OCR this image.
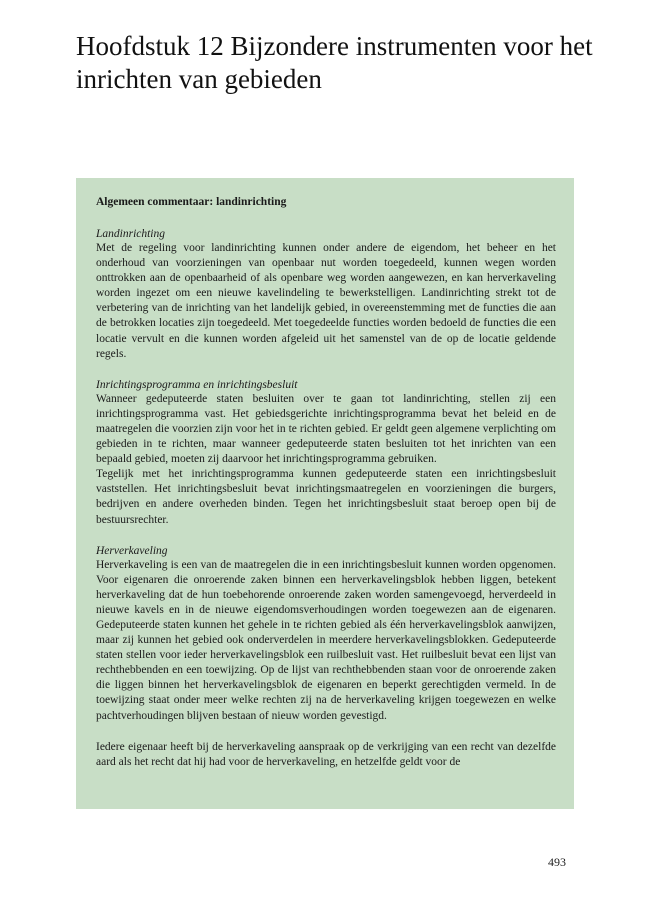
Hoofdstuk 12 Bijzondere instrumenten voor het inrichten van gebieden

Algemeen commentaar: landinrichting

Landinrichting

Met de regeling voor landinrichting kunnen onder andere de eigendom, het beheer en het onderhoud van voorzieningen van openbaar nut worden toegedeeld, kunnen wegen worden onttrokken aan de openbaarheid of als openbare weg worden aangewezen, en kan herverkaveling worden ingezet om een nieuwe kavelindeling te bewerkstelligen. Landinrichting strekt tot de verbetering van de inrichting van het landelijk gebied, in overeenstemming met de functies die aan de betrokken locaties zijn toegedeeld. Met toegedeelde functies worden bedoeld de functies die een locatie vervult en die kunnen worden afgeleid uit het samenstel van de op de locatie geldende regels.

Inrichtingsprogramma en inrichtingsbesluit

Wanneer gedeputeerde staten besluiten over te gaan tot landinrichting, stellen zij een inrichtingsprogramma vast. Het gebiedsgerichte inrichtingsprogramma bevat het beleid en de maatregelen die voorzien zijn voor het in te richten gebied. Er geldt geen algemene verplichting om gebieden in te richten, maar wanneer gedeputeerde staten besluiten tot het inrichten van een bepaald gebied, moeten zij daarvoor het inrichtingsprogramma gebruiken.

Tegelijk met het inrichtingsprogramma kunnen gedeputeerde staten een inrichtingsbesluit vaststellen. Het inrichtingsbesluit bevat inrichtingsmaatregelen en voorzieningen die burgers, bedrijven en andere overheden binden. Tegen het inrichtingsbesluit staat beroep open bij de bestuursrechter.

Herverkaveling

Herverkaveling is een van de maatregelen die in een inrichtingsbesluit kunnen worden opgenomen. Voor eigenaren die onroerende zaken binnen een herverkavelingsblok hebben liggen, betekent herverkaveling dat de hun toebehorende onroerende zaken worden samengevoegd, herverdeeld in nieuwe kavels en in de nieuwe eigendomsverhoudingen worden toegewezen aan de eigenaren. Gedeputeerde staten kunnen het gehele in te richten gebied als één herverkavelingsblok aanwijzen, maar zij kunnen het gebied ook onderverdelen in meerdere herverkavelingsblokken. Gedeputeerde staten stellen voor ieder herverkavelingsblok een ruilbesluit vast. Het ruilbesluit bevat een lijst van rechthebbenden en een toewijzing. Op de lijst van rechthebbenden staan voor de onroerende zaken die liggen binnen het herverkavelingsblok de eigenaren en beperkt gerechtigden vermeld. In de toewijzing staat onder meer welke rechten zij na de herverkaveling krijgen toegewezen en welke pachtverhoudingen blijven bestaan of nieuw worden gevestigd.

Iedere eigenaar heeft bij de herverkaveling aanspraak op de verkrijging van een recht van dezelfde aard als het recht dat hij had voor de herverkaveling, en hetzelfde geldt voor de

493
